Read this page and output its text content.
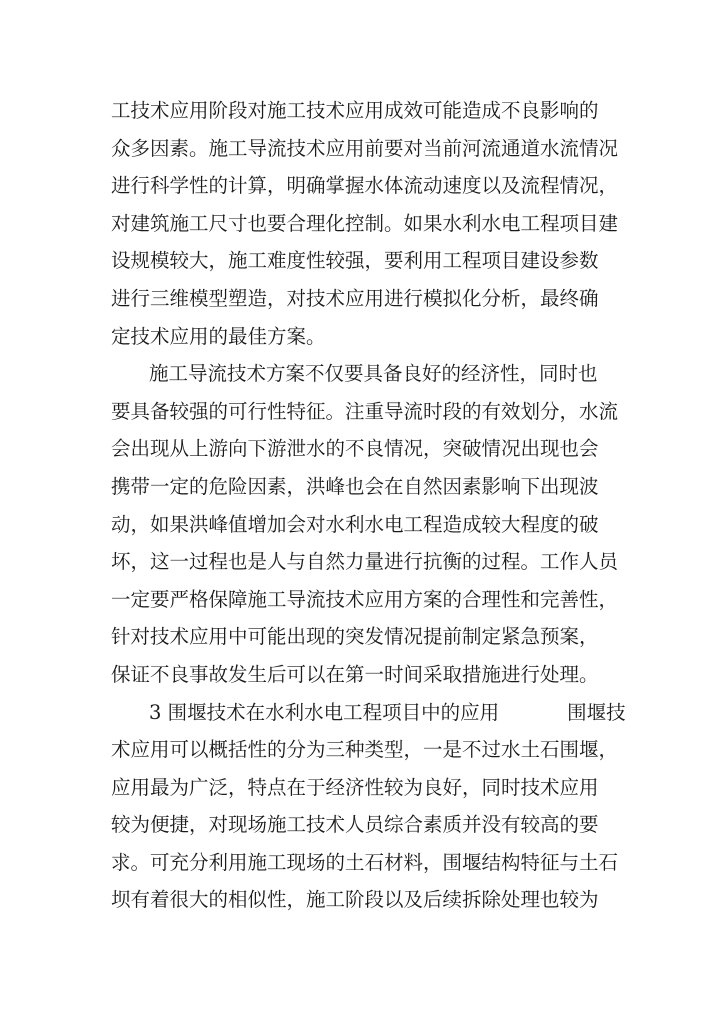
工技术应用阶段对施工技术应用成效可能造成不良影响的
众多因素。施工导流技术应用前要对当前河流通道水流情况
进行科学性的计算，明确掌握水体流动速度以及流程情况，
对建筑施工尺寸也要合理化控制。如果水利水电工程项目建
设规模较大，施工难度性较强，要利用工程项目建设参数
进行三维模型塑造，对技术应用进行模拟化分析，最终确
定技术应用的最佳方案。
施工导流技术方案不仅要具备良好的经济性，同时也
要具备较强的可行性特征。注重导流时段的有效划分，水流
会出现从上游向下游泄水的不良情况，突破情况出现也会
携带一定的危险因素，洪峰也会在自然因素影响下出现波
动，如果洪峰值增加会对水利水电工程造成较大程度的破
坏，这一过程也是人与自然力量进行抗衡的过程。工作人员
一定要严格保障施工导流技术应用方案的合理性和完善性，
针对技术应用中可能出现的突发情况提前制定紧急预案，
保证不良事故发生后可以在第一时间采取措施进行处理。
3 围堰技术在水利水电工程项目中的应用	围堰技
术应用可以概括性的分为三种类型，一是不过水土石围堰，
应用最为广泛，特点在于经济性较为良好，同时技术应用
较为便捷，对现场施工技术人员综合素质并没有较高的要
求。可充分利用施工现场的土石材料，围堰结构特征与土石
坝有着很大的相似性，施工阶段以及后续拆除处理也较为
